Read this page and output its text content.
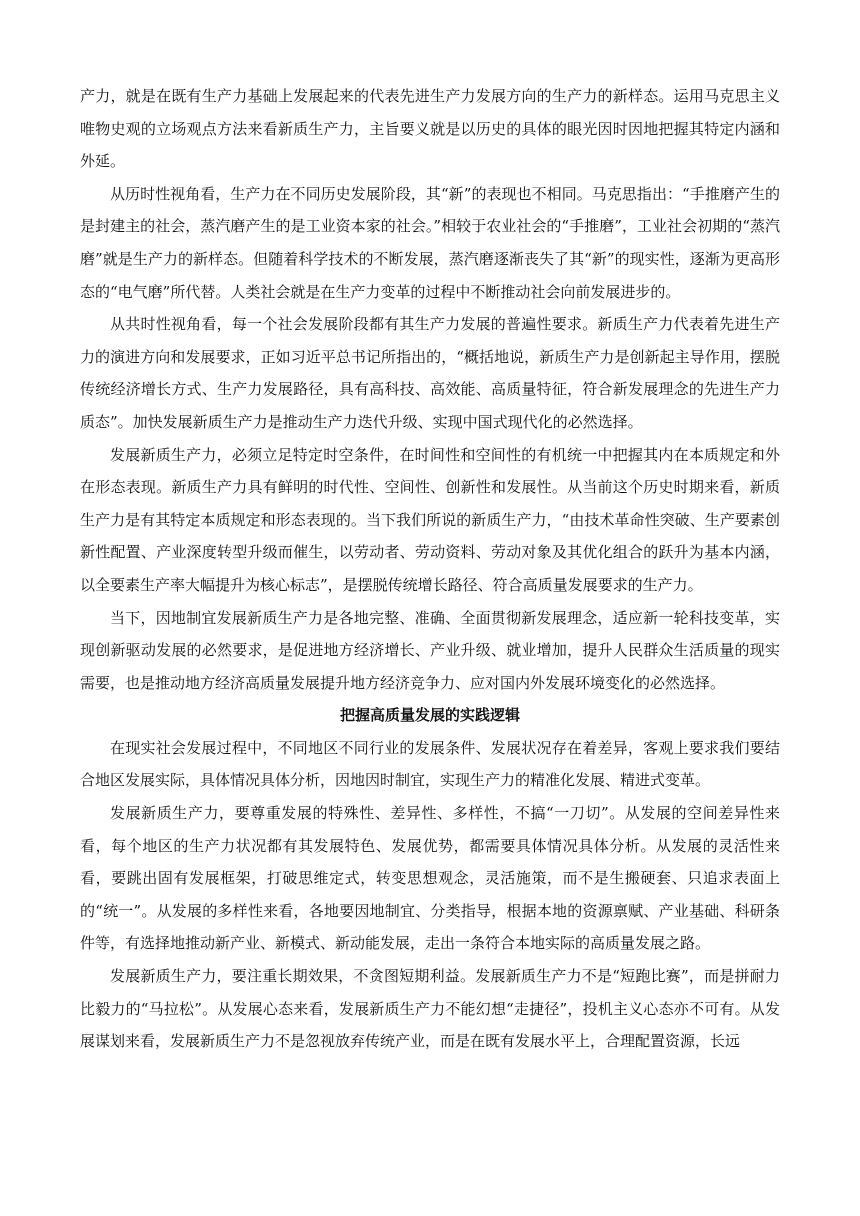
产力，就是在既有生产力基础上发展起来的代表先进生产力发展方向的生产力的新样态。运用马克思主义唯物史观的立场观点方法来看新质生产力，主旨要义就是以历史的具体的眼光因时因地把握其特定内涵和外延。

从历时性视角看，生产力在不同历史发展阶段，其“新”的表现也不相同。马克思指出：“手推磨产生的是封建主的社会，蒸汽磨产生的是工业资本家的社会。”相较于农业社会的“手推磨”，工业社会初期的“蒸汽磨”就是生产力的新样态。但随着科学技术的不断发展，蒸汽磨逐渐丧失了其“新”的现实性，逐渐为更高形态的“电气磨”所代替。人类社会就是在生产力变革的过程中不断推动社会向前发展进步的。

从共时性视角看，每一个社会发展阶段都有其生产力发展的普遍性要求。新质生产力代表着先进生产力的演进方向和发展要求，正如习近平总书记所指出的，“概括地说，新质生产力是创新起主导作用，摆脱传统经济增长方式、生产力发展路径，具有高科技、高效能、高质量特征，符合新发展理念的先进生产力质态”。加快发展新质生产力是推动生产力迭代升级、实现中国式现代化的必然选择。

发展新质生产力，必须立足特定时空条件，在时间性和空间性的有机统一中把握其内在本质规定和外在形态表现。新质生产力具有鲜明的时代性、空间性、创新性和发展性。从当前这个历史时期来看，新质生产力是有其特定本质规定和形态表现的。当下我们所说的新质生产力，“由技术革命性突破、生产要素创新性配置、产业深度转型升级而催生，以劳动者、劳动资料、劳动对象及其优化组合的跃升为基本内涵，以全要素生产率大幅提升为核心标志”，是摆脱传统增长路径、符合高质量发展要求的生产力。

当下，因地制宜发展新质生产力是各地完整、准确、全面贯彻新发展理念，适应新一轮科技变革，实现创新驱动发展的必然要求，是促进地方经济增长、产业升级、就业增加，提升人民群众生活质量的现实需要，也是推动地方经济高质量发展提升地方经济竞争力、应对国内外发展环境变化的必然选择。

把握高质量发展的实践逻辑

在现实社会发展过程中，不同地区不同行业的发展条件、发展状况存在着差异，客观上要求我们要结合地区发展实际，具体情况具体分析，因地因时制宜，实现生产力的精准化发展、精进式变革。

发展新质生产力，要尊重发展的特殊性、差异性、多样性，不搞“一刀切”。从发展的空间差异性来看，每个地区的生产力状况都有其发展特色、发展优势，都需要具体情况具体分析。从发展的灵活性来看，要跳出固有发展框架，打破思维定式，转变思想观念，灵活施策，而不是生搬硬套、只追求表面上的“统一”。从发展的多样性来看，各地要因地制宜、分类指导，根据本地的资源禀赋、产业基础、科研条件等，有选择地推动新产业、新模式、新动能发展，走出一条符合本地实际的高质量发展之路。

发展新质生产力，要注重长期效果，不贪图短期利益。发展新质生产力不是“短跑比赛”，而是拼耐力比毅力的“马拉松”。从发展心态来看，发展新质生产力不能幻想“走捷径”，投机主义心态亦不可有。从发展谋划来看，发展新质生产力不是忽视放弃传统产业，而是在既有发展水平上，合理配置资源，长远
